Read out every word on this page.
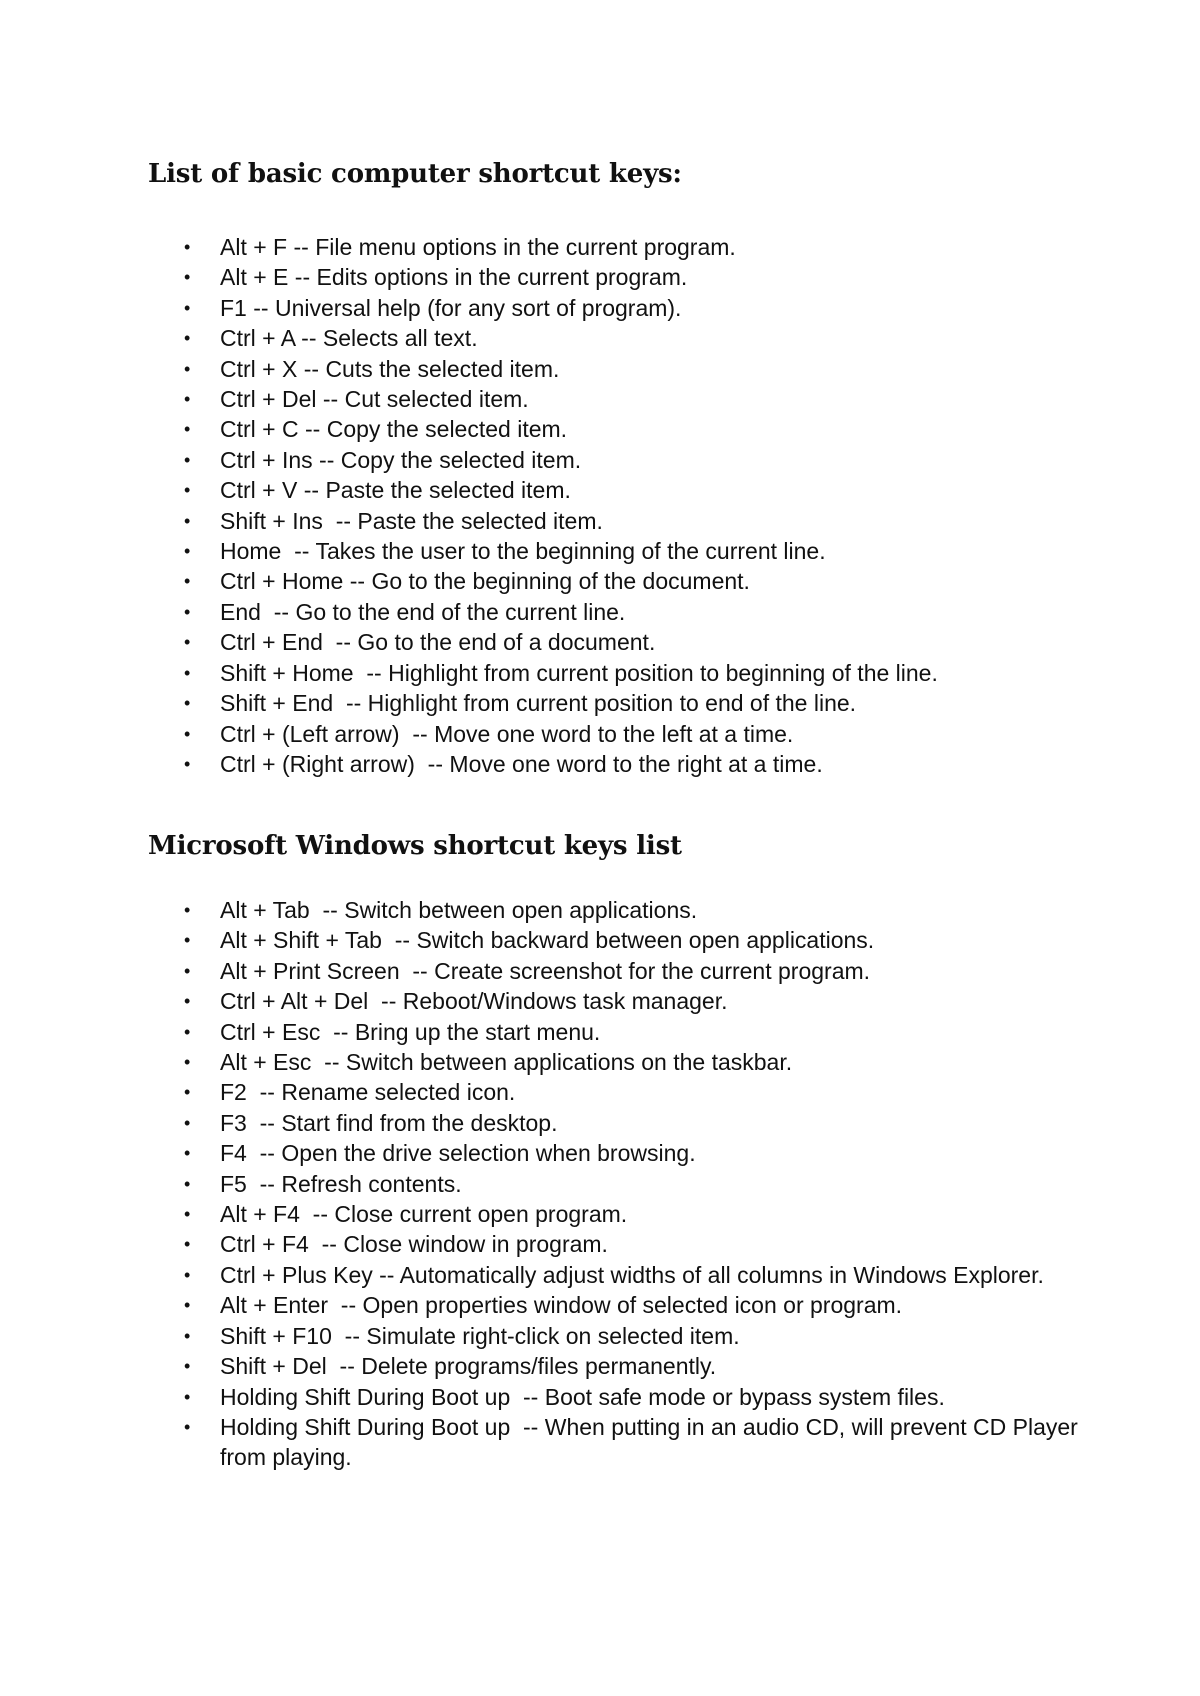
List of basic computer shortcut keys:
• Alt + F -- File menu options in the current program.
• Alt + E -- Edits options in the current program.
• F1 -- Universal help (for any sort of program).
• Ctrl + A -- Selects all text.
• Ctrl + X -- Cuts the selected item.
• Ctrl + Del -- Cut selected item.
• Ctrl + C -- Copy the selected item.
• Ctrl + Ins -- Copy the selected item.
• Ctrl + V -- Paste the selected item.
• Shift + Ins  -- Paste the selected item.
• Home  -- Takes the user to the beginning of the current line.
• Ctrl + Home -- Go to the beginning of the document.
• End  -- Go to the end of the current line.
• Ctrl + End  -- Go to the end of a document.
• Shift + Home  -- Highlight from current position to beginning of the line.
• Shift + End  -- Highlight from current position to end of the line.
• Ctrl + (Left arrow)  -- Move one word to the left at a time.
• Ctrl + (Right arrow)  -- Move one word to the right at a time.
Microsoft Windows shortcut keys list
• Alt + Tab  -- Switch between open applications.
• Alt + Shift + Tab  -- Switch backward between open applications.
• Alt + Print Screen  -- Create screenshot for the current program.
• Ctrl + Alt + Del  -- Reboot/Windows task manager.
• Ctrl + Esc  -- Bring up the start menu.
• Alt + Esc  -- Switch between applications on the taskbar.
• F2  -- Rename selected icon.
• F3  -- Start find from the desktop.
• F4  -- Open the drive selection when browsing.
• F5  -- Refresh contents.
• Alt + F4  -- Close current open program.
• Ctrl + F4  -- Close window in program.
• Ctrl + Plus Key -- Automatically adjust widths of all columns in Windows Explorer.
• Alt + Enter  -- Open properties window of selected icon or program.
• Shift + F10  -- Simulate right-click on selected item.
• Shift + Del  -- Delete programs/files permanently.
• Holding Shift During Boot up  -- Boot safe mode or bypass system files.
• Holding Shift During Boot up  -- When putting in an audio CD, will prevent CD Player from playing.
